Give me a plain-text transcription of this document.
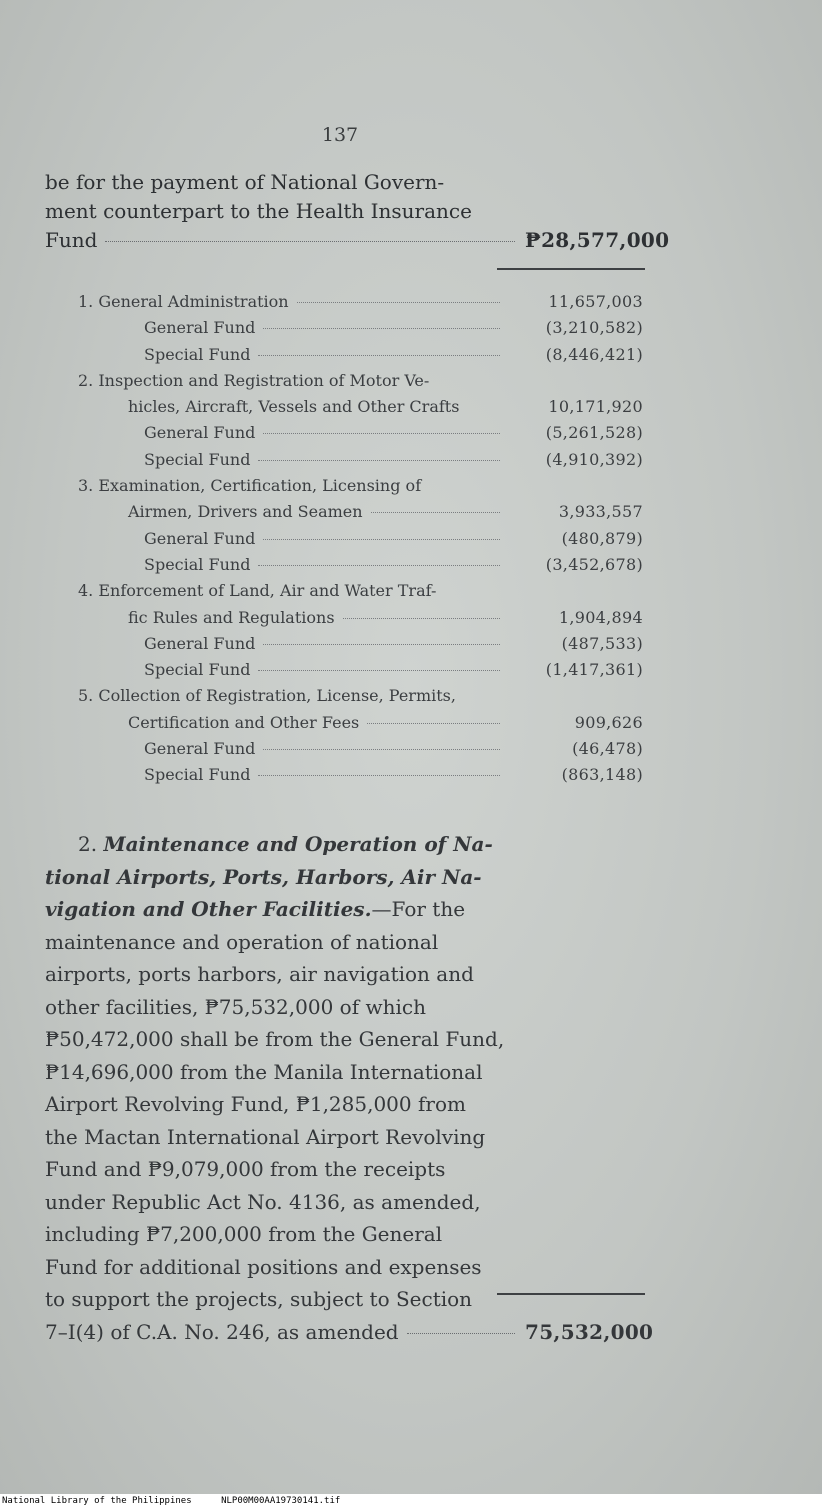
137
be for the payment of National Govern-
ment counterpart to the Health Insurance
Fund	₱28,577,000
1. General Administration	11,657,003
General Fund	(3,210,582)
Special Fund	(8,446,421)
2. Inspection and Registration of Motor Ve-
hicles, Aircraft, Vessels and Other Crafts	10,171,920
General Fund	(5,261,528)
Special Fund	(4,910,392)
3. Examination, Certification, Licensing of
Airmen, Drivers and Seamen	3,933,557
General Fund	(480,879)
Special Fund	(3,452,678)
4. Enforcement of Land, Air and Water Traf-
fic Rules and Regulations	1,904,894
General Fund	(487,533)
Special Fund	(1,417,361)
5. Collection of Registration, License, Permits,
Certification and Other Fees	909,626
General Fund	(46,478)
Special Fund	(863,148)
2. Maintenance and Operation of Na-
tional Airports, Ports, Harbors, Air Na-
vigation and Other Facilities.—For the
maintenance and operation of national
airports, ports harbors, air navigation and
other facilities, ₱75,532,000 of which
₱50,472,000 shall be from the General Fund,
₱14,696,000 from the Manila International
Airport Revolving Fund, ₱1,285,000 from
the Mactan International Airport Revolving
Fund and ₱9,079,000 from the receipts
under Republic Act No. 4136, as amended,
including ₱7,200,000 from the General
Fund for additional positions and expenses
to support the projects, subject to Section
7–I(4) of C.A. No. 246, as amended	75,532,000
National Library of the Philippines	NLP00M00AA19730141.tif
